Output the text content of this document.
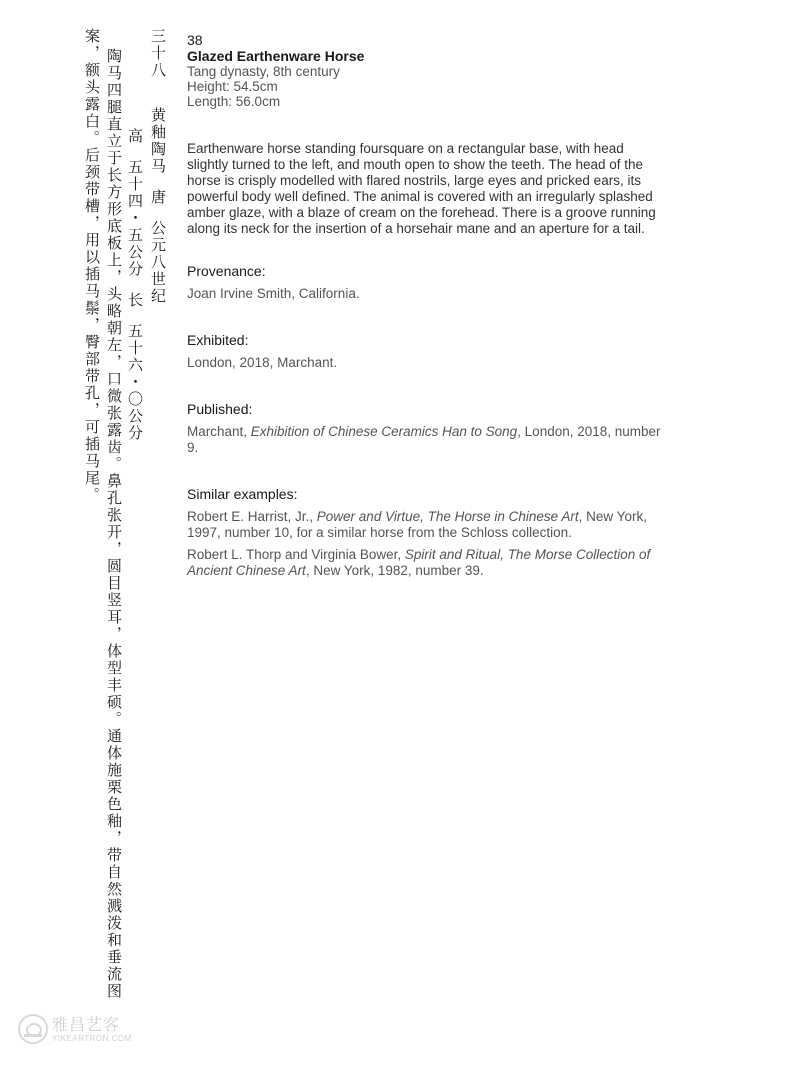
三十八黄釉陶马唐公元八世纪
高五十四・五公分长五十六・〇公分
陶马四腿直立于长方形底板上，头略朝左，口微张露齿。鼻孔张开，圆目竖耳，体型丰硕。通体施栗色釉，带自然溅泼和垂流图
案，额头露白。后颈带槽，用以插马鬃，臀部带孔，可插马尾。	38
Glazed Earthenware Horse
Tang dynasty, 8th century
Height: 54.5cm
Length: 56.0cm
Earthenware horse standing foursquare on a rectangular base, with head slightly turned to the left, and mouth open to show the teeth. The head of the horse is crisply modelled with flared nostrils, large eyes and pricked ears, its powerful body well defined. The animal is covered with an irregularly splashed amber glaze, with a blaze of cream on the forehead. There is a groove running along its neck for the insertion of a horsehair mane and an aperture for a tail.
Provenance:
Joan Irvine Smith, California.
Exhibited:
London, 2018, Marchant.
Published:
Marchant, Exhibition of Chinese Ceramics Han to Song, London, 2018, number 9.
Similar examples:
Robert E. Harrist, Jr., Power and Virtue, The Horse in Chinese Art, New York, 1997, number 10, for a similar horse from the Schloss collection.
Robert L. Thorp and Virginia Bower, Spirit and Ritual, The Morse Collection of Ancient Chinese Art, New York, 1982, number 39.
雅昌艺客
YIKEARTRON.COM
